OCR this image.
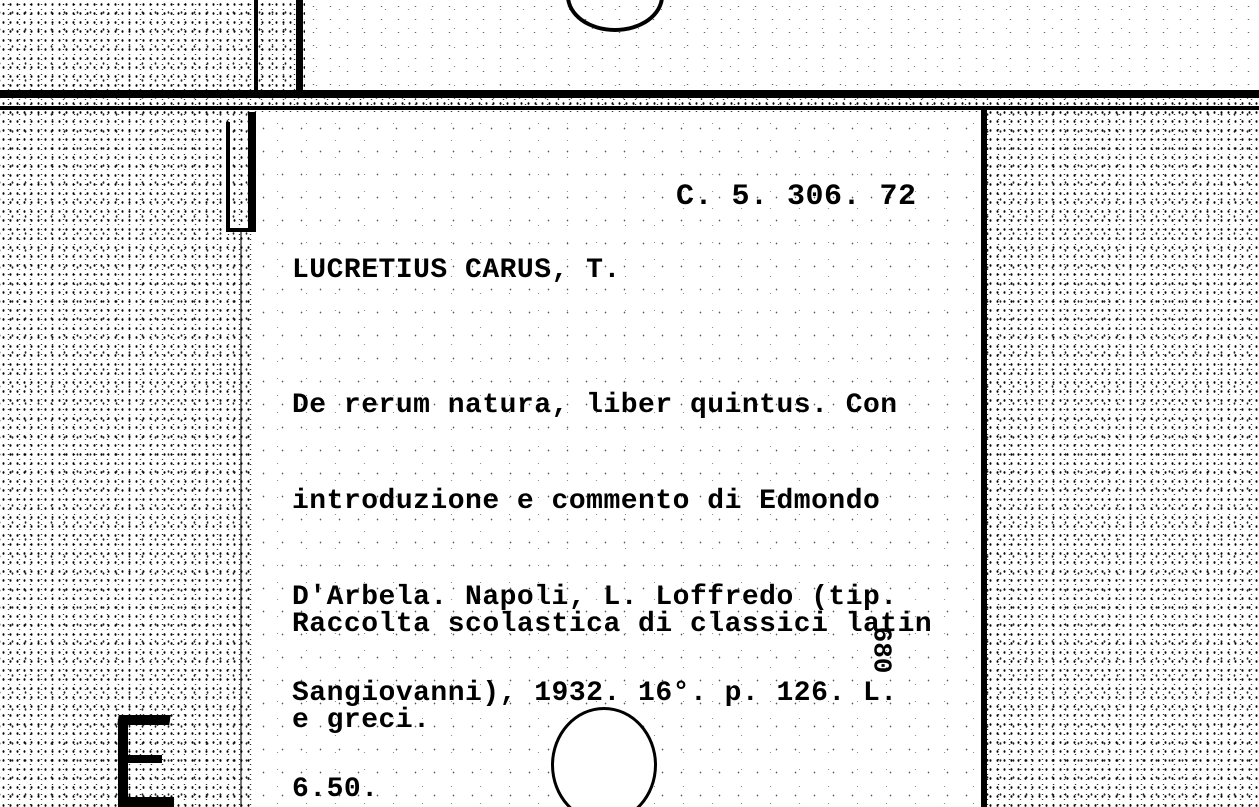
C. 5. 306. 72
LUCRETIUS CARUS, T.

De rerum natura, liber quintus. Con

introduzione e commento di Edmondo

D'Arbela. Napoli, L. Loffredo (tip.

Sangiovanni), 1932. 16°. p. 126. L.

6.50.

Raccolta scolastica di classici latin

e greci.

680
